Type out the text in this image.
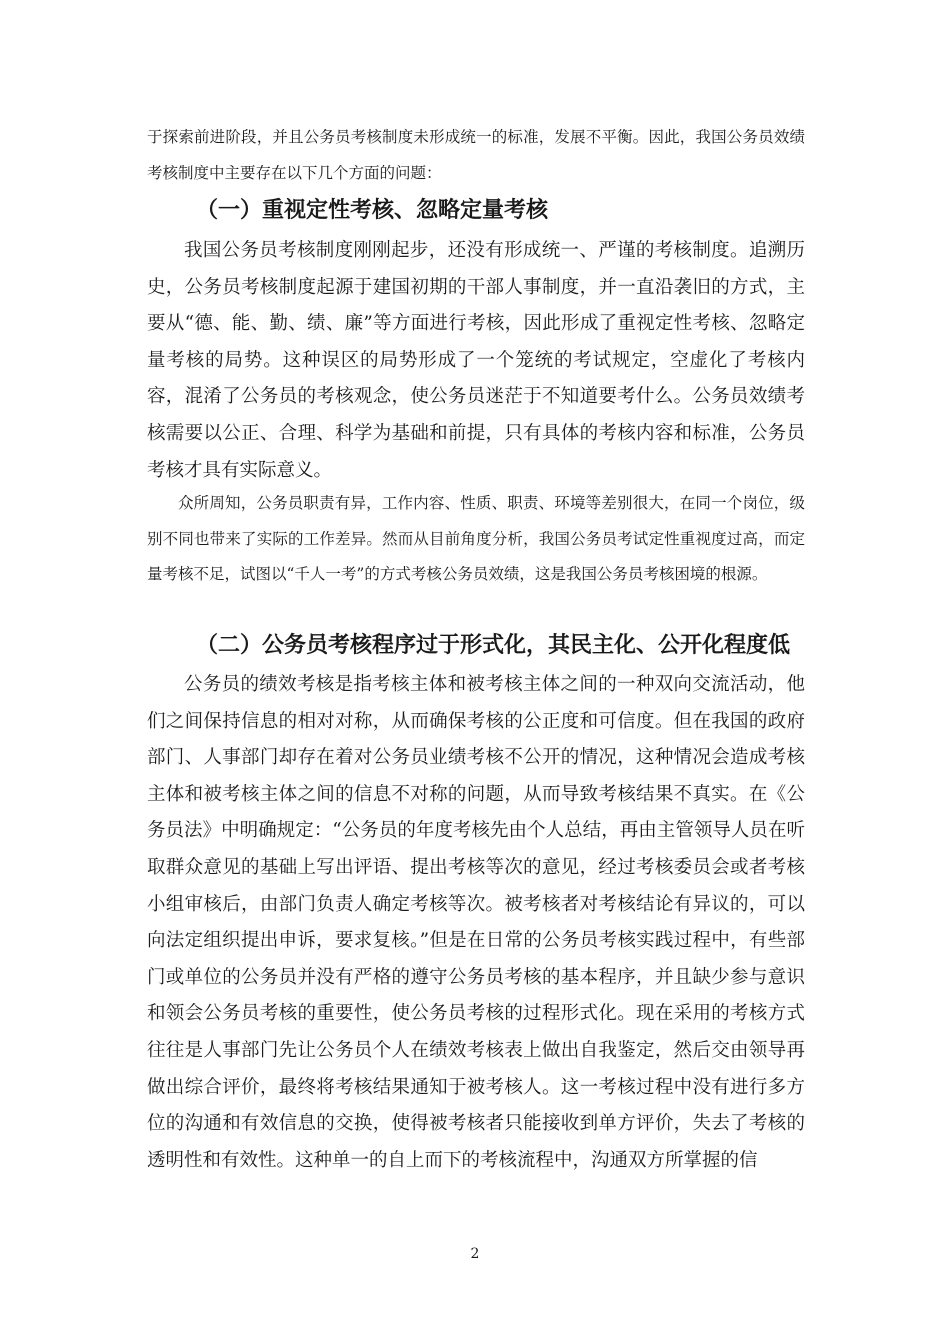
于探索前进阶段，并且公务员考核制度未形成统一的标准，发展不平衡。因此，我国公务员效绩考核制度中主要存在以下几个方面的问题：

（一）重视定性考核、忽略定量考核

我国公务员考核制度刚刚起步，还没有形成统一、严谨的考核制度。追溯历史，公务员考核制度起源于建国初期的干部人事制度，并一直沿袭旧的方式，主要从“德、能、勤、绩、廉”等方面进行考核，因此形成了重视定性考核、忽略定量考核的局势。这种误区的局势形成了一个笼统的考试规定，空虚化了考核内容，混淆了公务员的考核观念，使公务员迷茫于不知道要考什么。公务员效绩考核需要以公正、合理、科学为基础和前提，只有具体的考核内容和标准，公务员考核才具有实际意义。

众所周知，公务员职责有异，工作内容、性质、职责、环境等差别很大，在同一个岗位，级别不同也带来了实际的工作差异。然而从目前角度分析，我国公务员考试定性重视度过高，而定量考核不足，试图以“千人一考”的方式考核公务员效绩，这是我国公务员考核困境的根源。

（二）公务员考核程序过于形式化，其民主化、公开化程度低

公务员的绩效考核是指考核主体和被考核主体之间的一种双向交流活动，他们之间保持信息的相对对称，从而确保考核的公正度和可信度。但在我国的政府部门、人事部门却存在着对公务员业绩考核不公开的情况，这种情况会造成考核主体和被考核主体之间的信息不对称的问题，从而导致考核结果不真实。在《公务员法》中明确规定：“公务员的年度考核先由个人总结，再由主管领导人员在听取群众意见的基础上写出评语、提出考核等次的意见，经过考核委员会或者考核小组审核后，由部门负责人确定考核等次。被考核者对考核结论有异议的，可以向法定组织提出申诉，要求复核。”但是在日常的公务员考核实践过程中，有些部门或单位的公务员并没有严格的遵守公务员考核的基本程序，并且缺少参与意识和领会公务员考核的重要性，使公务员考核的过程形式化。现在采用的考核方式往往是人事部门先让公务员个人在绩效考核表上做出自我鉴定，然后交由领导再做出综合评价，最终将考核结果通知于被考核人。这一考核过程中没有进行多方位的沟通和有效信息的交换，使得被考核者只能接收到单方评价，失去了考核的透明性和有效性。这种单一的自上而下的考核流程中，沟通双方所掌握的信

2
